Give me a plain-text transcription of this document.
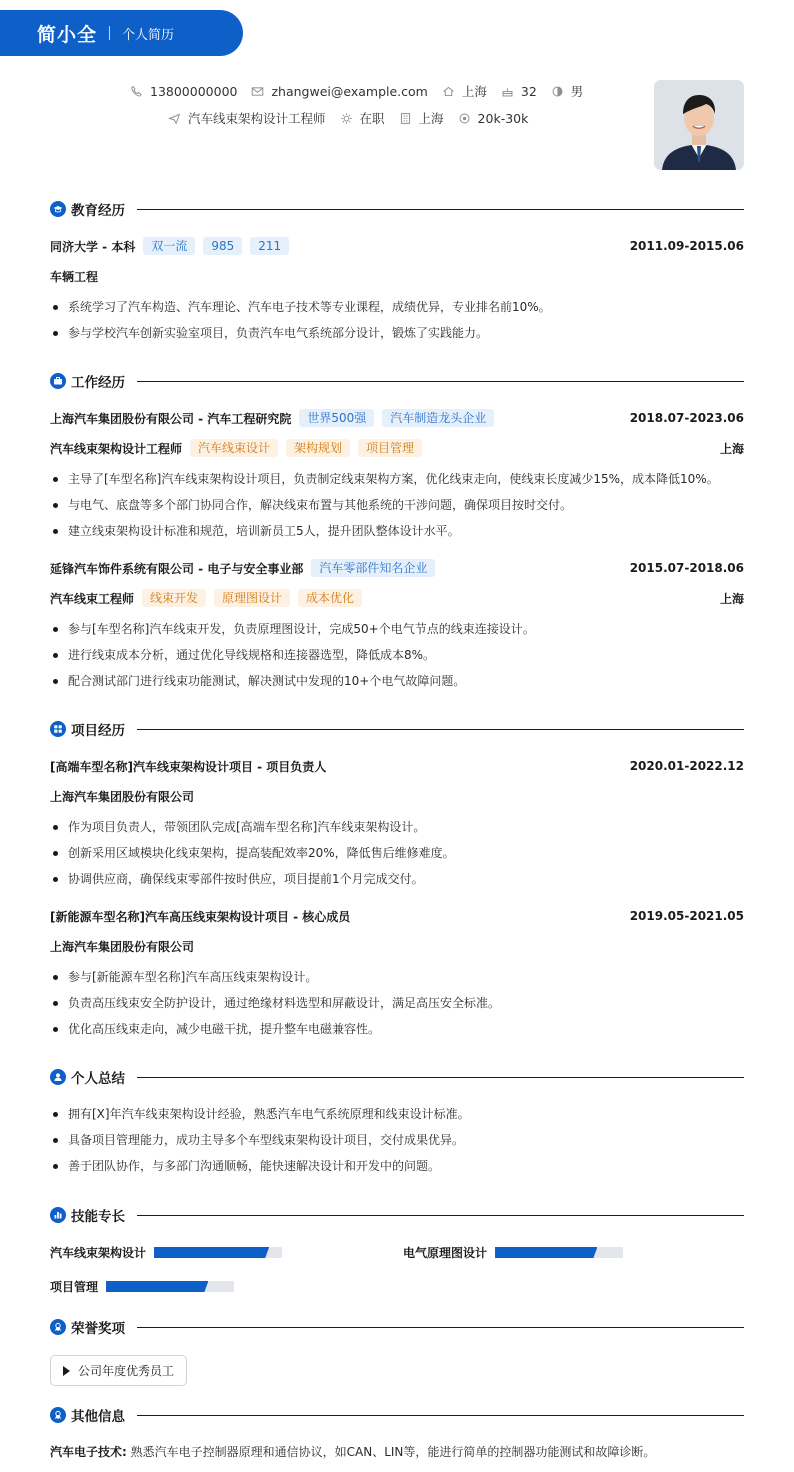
简小全 个人简历
13800000000	zhangwei@example.com	上海	32	男
汽车线束架构设计工程师	在职	上海	20k-30k
教育经历
同济大学 - 本科	双一流	985	211	2011.09-2015.06
车辆工程
系统学习了汽车构造、汽车理论、汽车电子技术等专业课程，成绩优异，专业排名前10%。
参与学校汽车创新实验室项目，负责汽车电气系统部分设计，锻炼了实践能力。
工作经历
上海汽车集团股份有限公司 - 汽车工程研究院	世界500强	汽车制造龙头企业	2018.07-2023.06
汽车线束架构设计工程师	汽车线束设计	架构规划	项目管理	上海
主导了[车型名称]汽车线束架构设计项目，负责制定线束架构方案，优化线束走向，使线束长度减少15%，成本降低10%。
与电气、底盘等多个部门协同合作，解决线束布置与其他系统的干涉问题，确保项目按时交付。
建立线束架构设计标准和规范，培训新员工5人，提升团队整体设计水平。
延锋汽车饰件系统有限公司 - 电子与安全事业部	汽车零部件知名企业	2015.07-2018.06
汽车线束工程师	线束开发	原理图设计	成本优化	上海
参与[车型名称]汽车线束开发，负责原理图设计，完成50+个电气节点的线束连接设计。
进行线束成本分析，通过优化导线规格和连接器选型，降低成本8%。
配合测试部门进行线束功能测试，解决测试中发现的10+个电气故障问题。
项目经历
[高端车型名称]汽车线束架构设计项目 - 项目负责人	2020.01-2022.12
上海汽车集团股份有限公司
作为项目负责人，带领团队完成[高端车型名称]汽车线束架构设计。
创新采用区域模块化线束架构，提高装配效率20%，降低售后维修难度。
协调供应商，确保线束零部件按时供应，项目提前1个月完成交付。
[新能源车型名称]汽车高压线束架构设计项目 - 核心成员	2019.05-2021.05
上海汽车集团股份有限公司
参与[新能源车型名称]汽车高压线束架构设计。
负责高压线束安全防护设计，通过绝缘材料选型和屏蔽设计，满足高压安全标准。
优化高压线束走向，减少电磁干扰，提升整车电磁兼容性。
个人总结
拥有[X]年汽车线束架构设计经验，熟悉汽车电气系统原理和线束设计标准。
具备项目管理能力，成功主导多个车型线束架构设计项目，交付成果优异。
善于团队协作，与多部门沟通顺畅，能快速解决设计和开发中的问题。
技能专长
汽车线束架构设计	电气原理图设计
项目管理
荣誉奖项
公司年度优秀员工
其他信息
汽车电子技术: 熟悉汽车电子控制器原理和通信协议，如CAN、LIN等，能进行简单的控制器功能测试和故障诊断。
